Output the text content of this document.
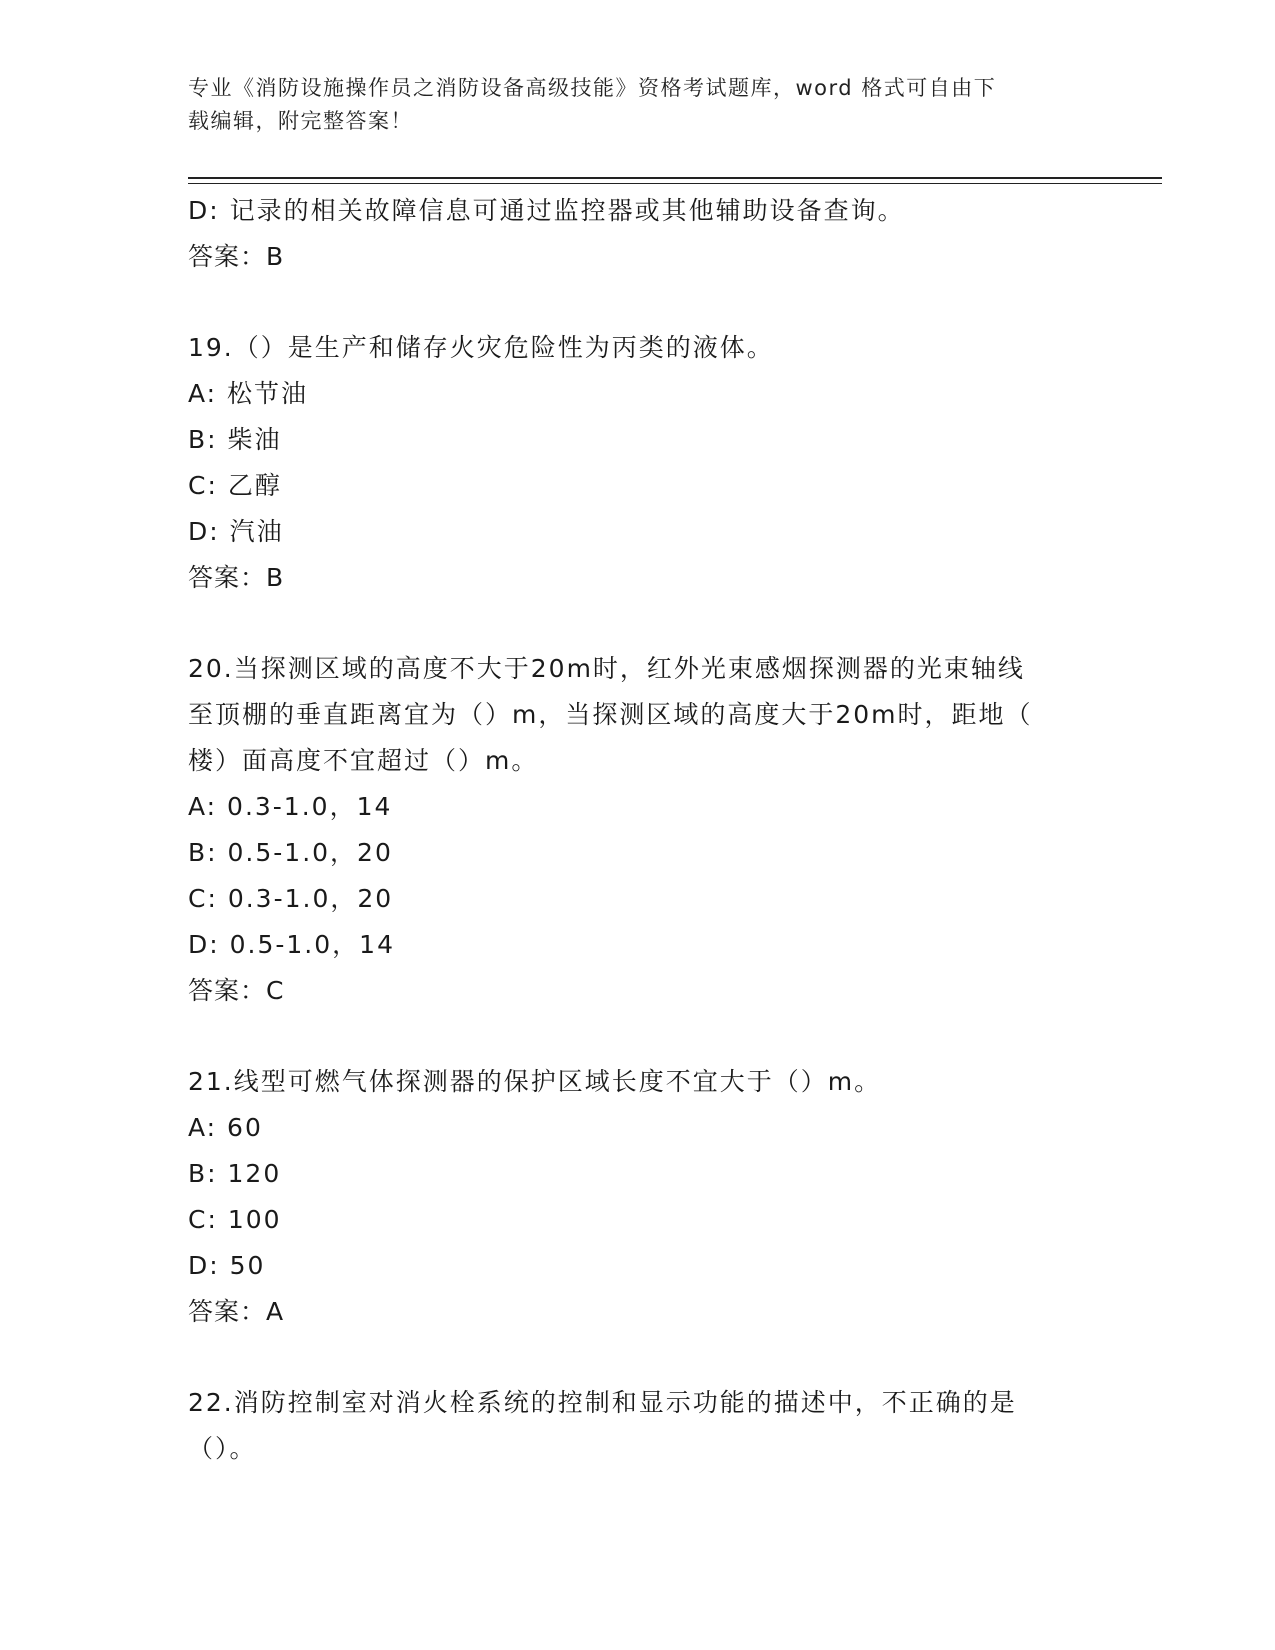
专业《消防设施操作员之消防设备高级技能》资格考试题库，word 格式可自由下
载编辑，附完整答案！
D: 记录的相关故障信息可通过监控器或其他辅助设备查询。
答案：B
19.（）是生产和储存火灾危险性为丙类的液体。
A: 松节油
B: 柴油
C: 乙醇
D: 汽油
答案：B
20.当探测区域的高度不大于20m时，红外光束感烟探测器的光束轴线
至顶棚的垂直距离宜为（）m，当探测区域的高度大于20m时，距地（
楼）面高度不宜超过（）m。
A: 0.3-1.0，14
B: 0.5-1.0，20
C: 0.3-1.0，20
D: 0.5-1.0，14
答案：C
21.线型可燃气体探测器的保护区域长度不宜大于（）m。
A: 60
B: 120
C: 100
D: 50
答案：A
22.消防控制室对消火栓系统的控制和显示功能的描述中，不正确的是
（）。
